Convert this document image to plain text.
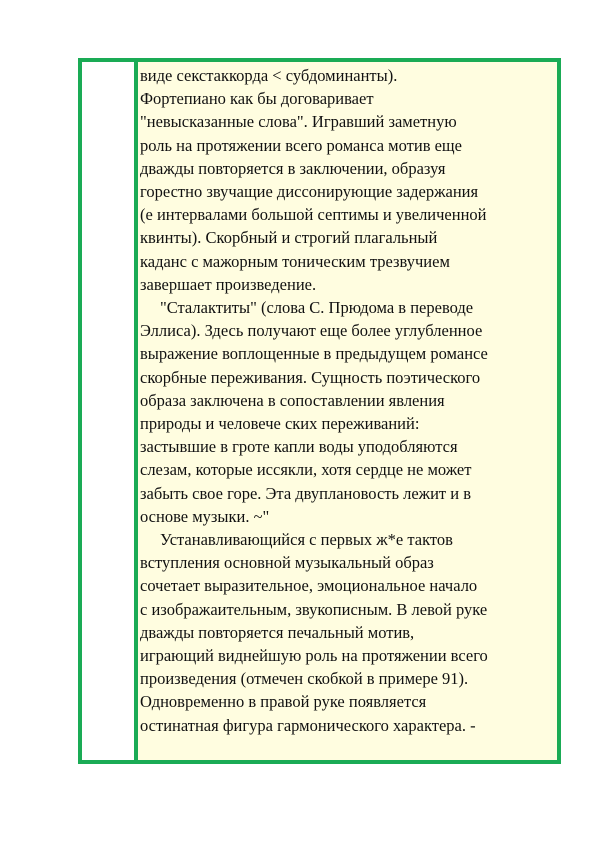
виде секстаккорда < субдоминанты).
Фортепиано как бы договаривает
"невысказанные слова". Игравший заметную
роль на протяжении всего романса мотив еще
дважды повторяется в заключении, образуя
горестно звучащие диссонирующие задержания
(е интервалами большой септимы и увеличенной
квинты). Скорбный и строгий плагальный
каданс с мажорным тоническим трезвучием
завершает произведение.

"Сталактиты" (слова С. Прюдома в переводе
Эллиса). Здесь получают еще более углубленное
выражение воплощенные в предыдущем романсе
скорбные переживания. Сущность поэтического
образа заключена в сопоставлении явления
природы и человече ских переживаний:
застывшие в гроте капли воды уподобляются
слезам, которые иссякли, хотя сердце не может
забыть свое горе. Эта двуплановость лежит и в
основе музыки. ~"

Устанавливающийся с первых ж*е тактов
вступления основной музыкальный образ
сочетает выразительное, эмоциональное начало
с изображаительным, звукописным. В левой руке
дважды повторяется печальный мотив,
играющий виднейшую роль на протяжении всего
произведения (отмечен скобкой в примере 91).
Одновременно в правой руке появляется
остинатная фигура гармонического характера. -
